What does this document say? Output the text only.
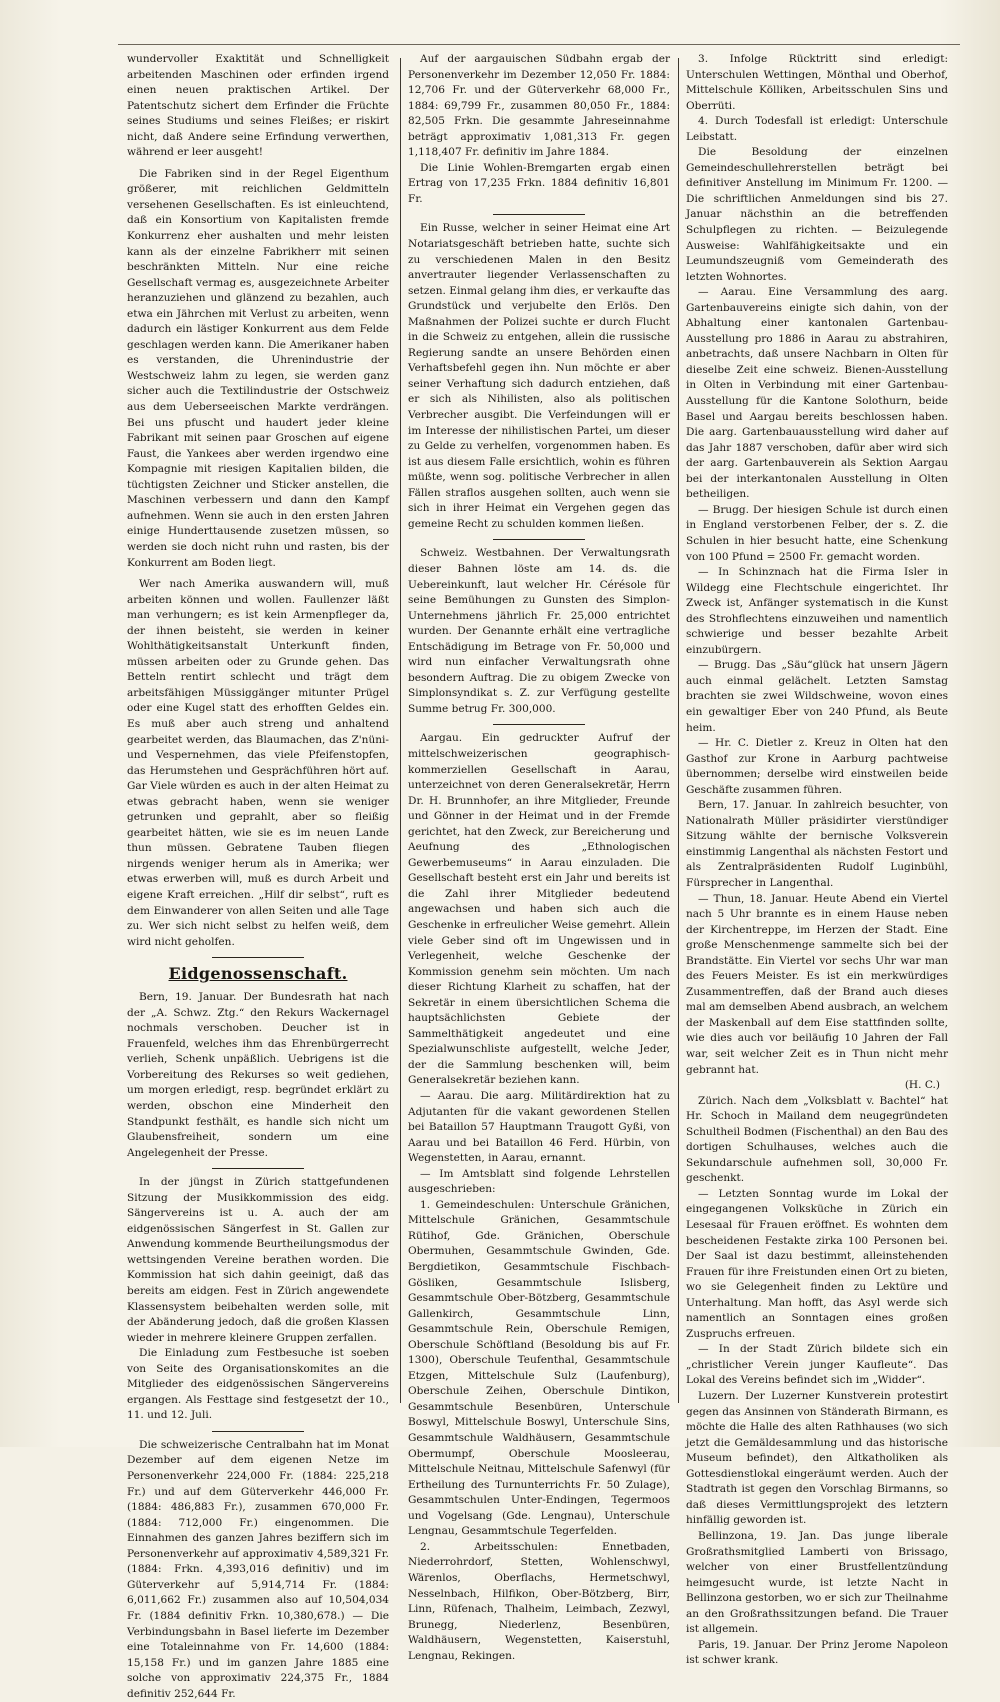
wundervoller Exaktität und Schnelligkeit arbeitenden Maschinen oder erfinden irgend einen neuen praktischen Artikel. Der Patentschutz sichert dem Erfinder die Früchte seines Studiums und seines Fleißes; er riskirt nicht, daß Andere seine Erfindung verwerthen, während er leer ausgeht!

Die Fabriken sind in der Regel Eigenthum größerer, mit reichlichen Geldmitteln versehenen Gesellschaften. Es ist einleuchtend, daß ein Konsortium von Kapitalisten fremde Konkurrenz eher aushalten und mehr leisten kann als der einzelne Fabrikherr mit seinen beschränkten Mitteln. Nur eine reiche Gesellschaft vermag es, ausgezeichnete Arbeiter heranzuziehen und glänzend zu bezahlen, auch etwa ein Jährchen mit Verlust zu arbeiten, wenn dadurch ein lästiger Konkurrent aus dem Felde geschlagen werden kann. Die Amerikaner haben es verstanden, die Uhrenindustrie der Westschweiz lahm zu legen, sie werden ganz sicher auch die Textilindustrie der Ostschweiz aus dem Ueberseeischen Markte verdrängen. Bei uns pfuscht und haudert jeder kleine Fabrikant mit seinen paar Groschen auf eigene Faust, die Yankees aber werden irgendwo eine Kompagnie mit riesigen Kapitalien bilden, die tüchtigsten Zeichner und Sticker anstellen, die Maschinen verbessern und dann den Kampf aufnehmen. Wenn sie auch in den ersten Jahren einige Hunderttausende zusetzen müssen, so werden sie doch nicht ruhn und rasten, bis der Konkurrent am Boden liegt.

Wer nach Amerika auswandern will, muß arbeiten können und wollen. Faullenzer läßt man verhungern; es ist kein Armenpfleger da, der ihnen beisteht, sie werden in keiner Wohlthätigkeitsanstalt Unterkunft finden, müssen arbeiten oder zu Grunde gehen. Das Betteln rentirt schlecht und trägt dem arbeitsfähigen Müssiggänger mitunter Prügel oder eine Kugel statt des erhofften Geldes ein. Es muß aber auch streng und anhaltend gearbeitet werden, das Blaumachen, das Z'nüni- und Vespernehmen, das viele Pfeifenstopfen, das Herumstehen und Gesprächführen hört auf. Gar Viele würden es auch in der alten Heimat zu etwas gebracht haben, wenn sie weniger getrunken und geprahlt, aber so fleißig gearbeitet hätten, wie sie es im neuen Lande thun müssen. Gebratene Tauben fliegen nirgends weniger herum als in Amerika; wer etwas erwerben will, muß es durch Arbeit und eigene Kraft erreichen. „Hilf dir selbst“, ruft es dem Einwanderer von allen Seiten und alle Tage zu. Wer sich nicht selbst zu helfen weiß, dem wird nicht geholfen.

Eidgenossenschaft.

Bern, 19. Januar. Der Bundesrath hat nach der „A. Schwz. Ztg.“ den Rekurs Wackernagel nochmals verschoben. Deucher ist in Frauenfeld, welches ihm das Ehrenbürgerrecht verlieh, Schenk unpäßlich. Uebrigens ist die Vorbereitung des Rekurses so weit gediehen, um morgen erledigt, resp. begründet erklärt zu werden, obschon eine Minderheit den Standpunkt festhält, es handle sich nicht um Glaubensfreiheit, sondern um eine Angelegenheit der Presse.

In der jüngst in Zürich stattgefundenen Sitzung der Musikkommission des eidg. Sängervereins ist u. A. auch der am eidgenössischen Sängerfest in St. Gallen zur Anwendung kommende Beurtheilungsmodus der wettsingenden Vereine berathen worden. Die Kommission hat sich dahin geeinigt, daß das bereits am eidgen. Fest in Zürich angewendete Klassensystem beibehalten werden solle, mit der Abänderung jedoch, daß die großen Klassen wieder in mehrere kleinere Gruppen zerfallen.

Die Einladung zum Festbesuche ist soeben von Seite des Organisationskomites an die Mitglieder des eidgenössischen Sängervereins ergangen. Als Festtage sind festgesetzt der 10., 11. und 12. Juli.

Die schweizerische Centralbahn hat im Monat Dezember auf dem eigenen Netze im Personenverkehr 224,000 Fr. (1884: 225,218 Fr.) und auf dem Güterverkehr 446,000 Fr. (1884: 486,883 Fr.), zusammen 670,000 Fr. (1884: 712,000 Fr.) eingenommen. Die Einnahmen des ganzen Jahres beziffern sich im Personenverkehr auf approximativ 4,589,321 Fr. (1884: Frkn. 4,393,016 definitiv) und im Güterverkehr auf 5,914,714 Fr. (1884: 6,011,662 Fr.) zusammen also auf 10,504,034 Fr. (1884 definitiv Frkn. 10,380,678.) — Die Verbindungsbahn in Basel lieferte im Dezember eine Totaleinnahme von Fr. 14,600 (1884: 15,158 Fr.) und im ganzen Jahre 1885 eine solche von approximativ 224,375 Fr., 1884 definitiv 252,644 Fr.

Auf der aargauischen Südbahn ergab der Personenverkehr im Dezember 12,050 Fr. 1884: 12,706 Fr. und der Güterverkehr 68,000 Fr., 1884: 69,799 Fr., zusammen 80,050 Fr., 1884: 82,505 Frkn. Die gesammte Jahreseinnahme beträgt approximativ 1,081,313 Fr. gegen 1,118,407 Fr. definitiv im Jahre 1884.

Die Linie Wohlen-Bremgarten ergab einen Ertrag von 17,235 Frkn. 1884 definitiv 16,801 Fr.

Ein Russe, welcher in seiner Heimat eine Art Notariatsgeschäft betrieben hatte, suchte sich zu verschiedenen Malen in den Besitz anvertrauter liegender Verlassenschaften zu setzen. Einmal gelang ihm dies, er verkaufte das Grundstück und verjubelte den Erlös. Den Maßnahmen der Polizei suchte er durch Flucht in die Schweiz zu entgehen, allein die russische Regierung sandte an unsere Behörden einen Verhaftsbefehl gegen ihn. Nun möchte er aber seiner Verhaftung sich dadurch entziehen, daß er sich als Nihilisten, also als politischen Verbrecher ausgibt. Die Verfeindungen will er im Interesse der nihilistischen Partei, um dieser zu Gelde zu verhelfen, vorgenommen haben. Es ist aus diesem Falle ersichtlich, wohin es führen müßte, wenn sog. politische Verbrecher in allen Fällen straflos ausgehen sollten, auch wenn sie sich in ihrer Heimat ein Vergehen gegen das gemeine Recht zu schulden kommen ließen.

Schweiz. Westbahnen. Der Verwaltungsrath dieser Bahnen löste am 14. ds. die Uebereinkunft, laut welcher Hr. Cérésole für seine Bemühungen zu Gunsten des Simplon-Unternehmens jährlich Fr. 25,000 entrichtet wurden. Der Genannte erhält eine vertragliche Entschädigung im Betrage von Fr. 50,000 und wird nun einfacher Verwaltungsrath ohne besondern Auftrag. Die zu obigem Zwecke von Simplonsyndikat s. Z. zur Verfügung gestellte Summe betrug Fr. 300,000.

Aargau. Ein gedruckter Aufruf der mittelschweizerischen geographisch-kommerziellen Gesellschaft in Aarau, unterzeichnet von deren Generalsekretär, Herrn Dr. H. Brunnhofer, an ihre Mitglieder, Freunde und Gönner in der Heimat und in der Fremde gerichtet, hat den Zweck, zur Bereicherung und Aeufnung des „Ethnologischen Gewerbemuseums“ in Aarau einzuladen. Die Gesellschaft besteht erst ein Jahr und bereits ist die Zahl ihrer Mitglieder bedeutend angewachsen und haben sich auch die Geschenke in erfreulicher Weise gemehrt. Allein viele Geber sind oft im Ungewissen und in Verlegenheit, welche Geschenke der Kommission genehm sein möchten. Um nach dieser Richtung Klarheit zu schaffen, hat der Sekretär in einem übersichtlichen Schema die hauptsächlichsten Gebiete der Sammelthätigkeit angedeutet und eine Spezialwunschliste aufgestellt, welche Jeder, der die Sammlung beschenken will, beim Generalsekretär beziehen kann.

— Aarau. Die aarg. Militärdirektion hat zu Adjutanten für die vakant gewordenen Stellen bei Bataillon 57 Hauptmann Traugott Gyßi, von Aarau und bei Bataillon 46 Ferd. Hürbin, von Wegenstetten, in Aarau, ernannt.

— Im Amtsblatt sind folgende Lehrstellen ausgeschrieben:

1. Gemeindeschulen: Unterschule Gränichen, Mittelschule Gränichen, Gesammtschule Rütihof, Gde. Gränichen, Oberschule Obermuhen, Gesammtschule Gwinden, Gde. Bergdietikon, Gesammtschule Fischbach-Gösliken, Gesammtschule Islisberg, Gesammtschule Ober-Bötzberg, Gesammtschule Gallenkirch, Gesammtschule Linn, Gesammtschule Rein, Oberschule Remigen, Oberschule Schöftland (Besoldung bis auf Fr. 1300), Oberschule Teufenthal, Gesammtschule Etzgen, Mittelschule Sulz (Laufenburg), Oberschule Zeihen, Oberschule Dintikon, Gesammtschule Besenbüren, Unterschule Boswyl, Mittelschule Boswyl, Unterschule Sins, Gesammtschule Waldhäusern, Gesammtschule Obermumpf, Oberschule Moosleerau, Mittelschule Neitnau, Mittelschule Safenwyl (für Ertheilung des Turnunterrichts Fr. 50 Zulage), Gesammtschulen Unter-Endingen, Tegermoos und Vogelsang (Gde. Lengnau), Unterschule Lengnau, Gesammtschule Tegerfelden.

2. Arbeitsschulen: Ennetbaden, Niederrohrdorf, Stetten, Wohlenschwyl, Wärenlos, Oberflachs, Hermetschwyl, Nesselnbach, Hilfikon, Ober-Bötzberg, Birr, Linn, Rüfenach, Thalheim, Leimbach, Zezwyl, Brunegg, Niederlenz, Besenbüren, Waldhäusern, Wegenstetten, Kaiserstuhl, Lengnau, Rekingen.

3. Infolge Rücktritt sind erledigt: Unterschulen Wettingen, Mönthal und Oberhof, Mittelschule Kölliken, Arbeitsschulen Sins und Oberrüti.

4. Durch Todesfall ist erledigt: Unterschule Leibstatt.

Die Besoldung der einzelnen Gemeindeschullehrerstellen beträgt bei definitiver Anstellung im Minimum Fr. 1200. — Die schriftlichen Anmeldungen sind bis 27. Januar nächsthin an die betreffenden Schulpflegen zu richten. — Beizulegende Ausweise: Wahlfähigkeitsakte und ein Leumundszeugniß vom Gemeinderath des letzten Wohnortes.

— Aarau. Eine Versammlung des aarg. Gartenbauvereins einigte sich dahin, von der Abhaltung einer kantonalen Gartenbau-Ausstellung pro 1886 in Aarau zu abstrahiren, anbetrachts, daß unsere Nachbarn in Olten für dieselbe Zeit eine schweiz. Bienen-Ausstellung in Olten in Verbindung mit einer Gartenbau-Ausstellung für die Kantone Solothurn, beide Basel und Aargau bereits beschlossen haben. Die aarg. Gartenbauausstellung wird daher auf das Jahr 1887 verschoben, dafür aber wird sich der aarg. Gartenbauverein als Sektion Aargau bei der interkantonalen Ausstellung in Olten betheiligen.

— Brugg. Der hiesigen Schule ist durch einen in England verstorbenen Felber, der s. Z. die Schulen in hier besucht hatte, eine Schenkung von 100 Pfund = 2500 Fr. gemacht worden.

— In Schinznach hat die Firma Isler in Wildegg eine Flechtschule eingerichtet. Ihr Zweck ist, Anfänger systematisch in die Kunst des Strohflechtens einzuweihen und namentlich schwierige und besser bezahlte Arbeit einzubürgern.

— Brugg. Das „Säu“glück hat unsern Jägern auch einmal gelächelt. Letzten Samstag brachten sie zwei Wildschweine, wovon eines ein gewaltiger Eber von 240 Pfund, als Beute heim.

— Hr. C. Dietler z. Kreuz in Olten hat den Gasthof zur Krone in Aarburg pachtweise übernommen; derselbe wird einstweilen beide Geschäfte zusammen führen.

Bern, 17. Januar. In zahlreich besuchter, von Nationalrath Müller präsidirter vierstündiger Sitzung wählte der bernische Volksverein einstimmig Langenthal als nächsten Festort und als Zentralpräsidenten Rudolf Luginbühl, Fürsprecher in Langenthal.

— Thun, 18. Januar. Heute Abend ein Viertel nach 5 Uhr brannte es in einem Hause neben der Kirchentreppe, im Herzen der Stadt. Eine große Menschenmenge sammelte sich bei der Brandstätte. Ein Viertel vor sechs Uhr war man des Feuers Meister. Es ist ein merkwürdiges Zusammentreffen, daß der Brand auch dieses mal am demselben Abend ausbrach, an welchem der Maskenball auf dem Eise stattfinden sollte, wie dies auch vor beiläufig 10 Jahren der Fall war, seit welcher Zeit es in Thun nicht mehr gebrannt hat.

(H. C.)

Zürich. Nach dem „Volksblatt v. Bachtel“ hat Hr. Schoch in Mailand dem neugegründeten Schultheil Bodmen (Fischenthal) an den Bau des dortigen Schulhauses, welches auch die Sekundarschule aufnehmen soll, 30,000 Fr. geschenkt.

— Letzten Sonntag wurde im Lokal der eingegangenen Volksküche in Zürich ein Lesesaal für Frauen eröffnet. Es wohnten dem bescheidenen Festakte zirka 100 Personen bei. Der Saal ist dazu bestimmt, alleinstehenden Frauen für ihre Freistunden einen Ort zu bieten, wo sie Gelegenheit finden zu Lektüre und Unterhaltung. Man hofft, das Asyl werde sich namentlich an Sonntagen eines großen Zuspruchs erfreuen.

— In der Stadt Zürich bildete sich ein „christlicher Verein junger Kaufleute“. Das Lokal des Vereins befindet sich im „Widder“.

Luzern. Der Luzerner Kunstverein protestirt gegen das Ansinnen von Ständerath Birmann, es möchte die Halle des alten Rathhauses (wo sich jetzt die Gemäldesammlung und das historische Museum befindet), den Altkatholiken als Gottesdienstlokal eingeräumt werden. Auch der Stadtrath ist gegen den Vorschlag Birmanns, so daß dieses Vermittlungsprojekt des letztern hinfällig geworden ist.

Bellinzona, 19. Jan. Das junge liberale Großrathsmitglied Lamberti von Brissago, welcher von einer Brustfellentzündung heimgesucht wurde, ist letzte Nacht in Bellinzona gestorben, wo er sich zur Theilnahme an den Großrathssitzungen befand. Die Trauer ist allgemein.

Paris, 19. Januar. Der Prinz Jerome Napoleon ist schwer krank.
